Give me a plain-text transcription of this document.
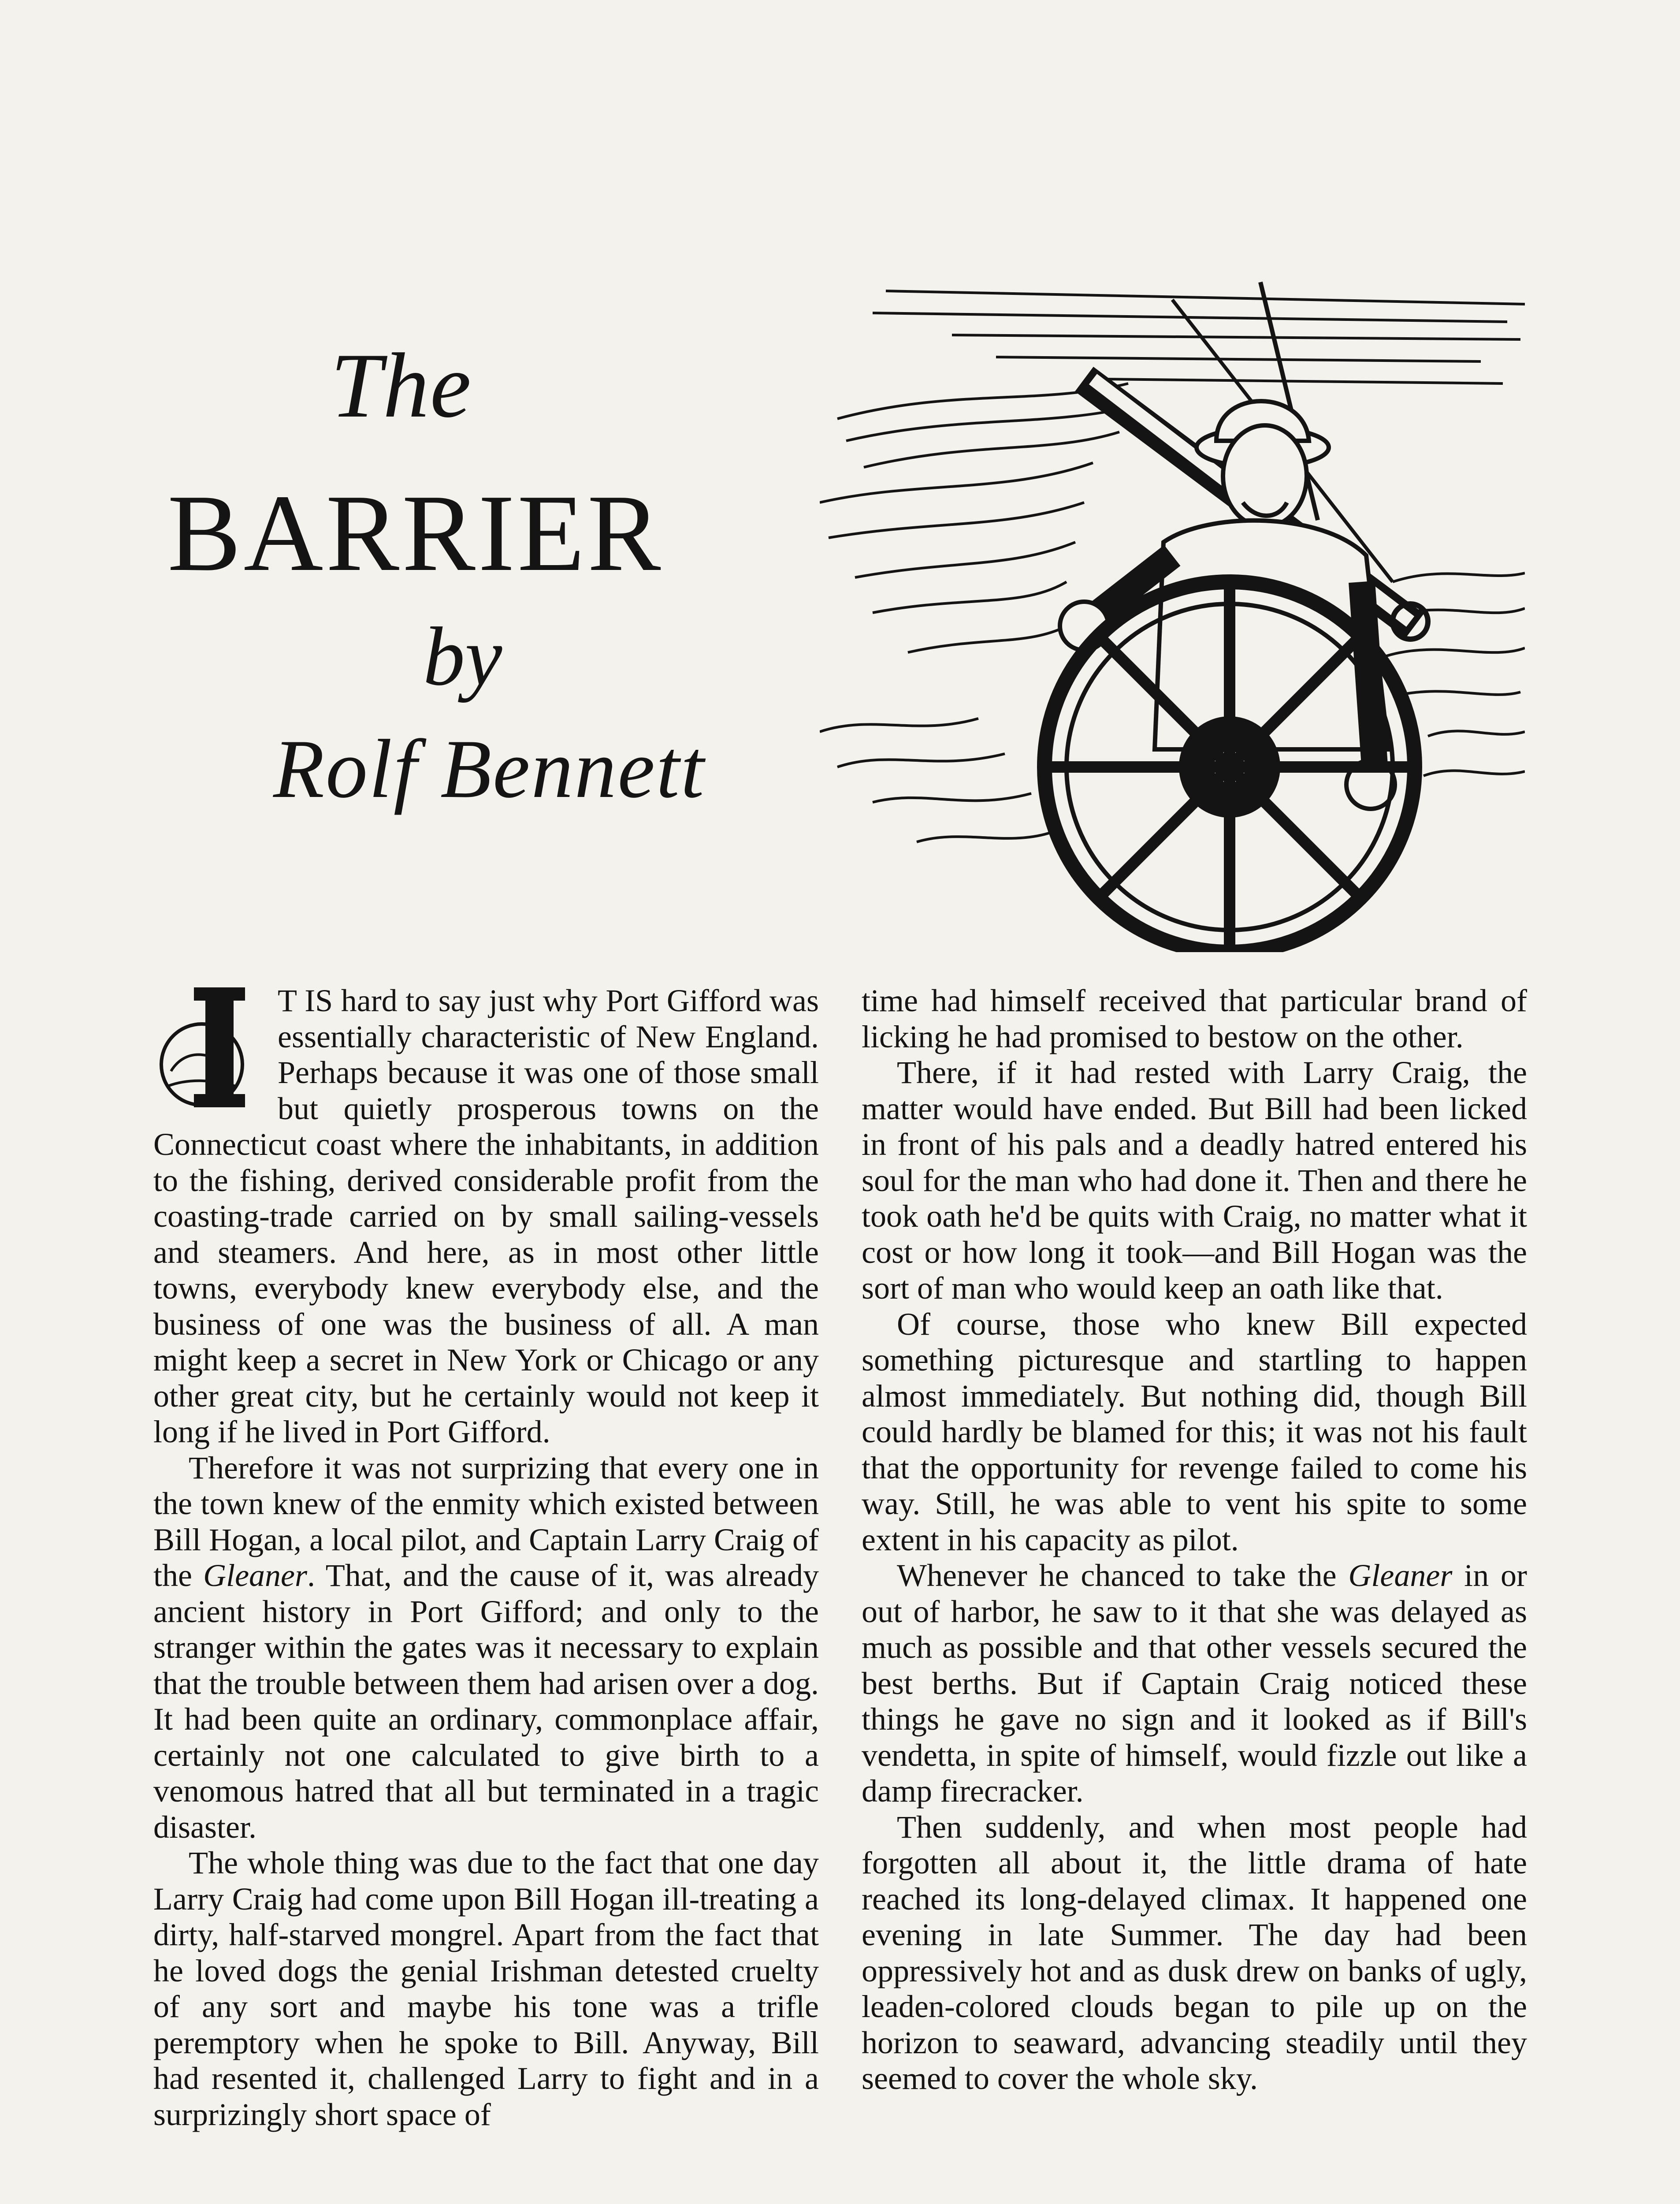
The
BARRIER
by
Rolf Bennett

T IS hard to say just why Port Gifford was essentially characteristic of New England. Perhaps because it was one of those small but quietly prosperous towns on the Connecticut coast where the inhabitants, in addition to the fishing, derived considerable profit from the coasting-trade carried on by small sailing-vessels and steamers. And here, as in most other little towns, everybody knew everybody else, and the business of one was the business of all. A man might keep a secret in New York or Chicago or any other great city, but he certainly would not keep it long if he lived in Port Gifford.

Therefore it was not surprizing that every one in the town knew of the enmity which existed between Bill Hogan, a local pilot, and Captain Larry Craig of the Gleaner. That, and the cause of it, was already ancient history in Port Gifford; and only to the stranger within the gates was it necessary to explain that the trouble between them had arisen over a dog. It had been quite an ordinary, commonplace affair, certainly not one calculated to give birth to a venomous hatred that all but terminated in a tragic disaster.

The whole thing was due to the fact that one day Larry Craig had come upon Bill Hogan ill-treating a dirty, half-starved mongrel. Apart from the fact that he loved dogs the genial Irishman detested cruelty of any sort and maybe his tone was a trifle peremptory when he spoke to Bill. Anyway, Bill had resented it, challenged Larry to fight and in a surprizingly short space of

time had himself received that particular brand of licking he had promised to bestow on the other.

There, if it had rested with Larry Craig, the matter would have ended. But Bill had been licked in front of his pals and a deadly hatred entered his soul for the man who had done it. Then and there he took oath he'd be quits with Craig, no matter what it cost or how long it took—and Bill Hogan was the sort of man who would keep an oath like that.

Of course, those who knew Bill expected something picturesque and startling to happen almost immediately. But nothing did, though Bill could hardly be blamed for this; it was not his fault that the opportunity for revenge failed to come his way. Still, he was able to vent his spite to some extent in his capacity as pilot.

Whenever he chanced to take the Gleaner in or out of harbor, he saw to it that she was delayed as much as possible and that other vessels secured the best berths. But if Captain Craig noticed these things he gave no sign and it looked as if Bill's vendetta, in spite of himself, would fizzle out like a damp firecracker.

Then suddenly, and when most people had forgotten all about it, the little drama of hate reached its long-delayed climax. It happened one evening in late Summer. The day had been oppressively hot and as dusk drew on banks of ugly, leaden-colored clouds began to pile up on the horizon to seaward, advancing steadily until they seemed to cover the whole sky.
